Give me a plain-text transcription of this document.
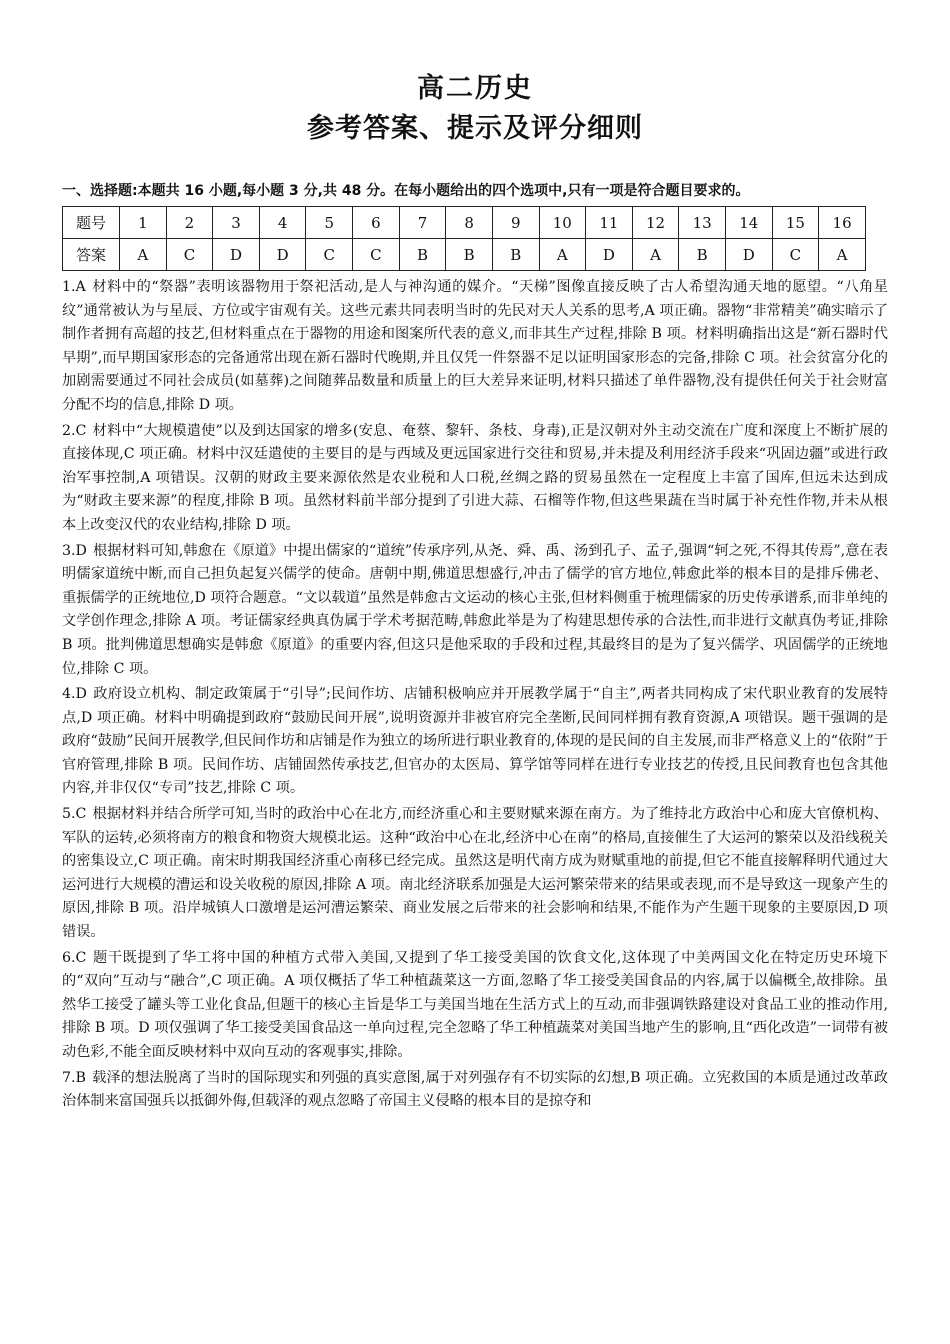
高二历史
参考答案、提示及评分细则
一、选择题:本题共 16 小题,每小题 3 分,共 48 分。在每小题给出的四个选项中,只有一项是符合题目要求的。
题号	1	2	3	4	5	6	7	8	9	10	11	12	13	14	15	16
答案	A	C	D	D	C	C	B	B	B	A	D	A	B	D	C	A

1.A 材料中的“祭器”表明该器物用于祭祀活动,是人与神沟通的媒介。“天梯”图像直接反映了古人希望沟通天地的愿望。“八角星纹”通常被认为与星辰、方位或宇宙观有关。这些元素共同表明当时的先民对天人关系的思考,A 项正确。器物“非常精美”确实暗示了制作者拥有高超的技艺,但材料重点在于器物的用途和图案所代表的意义,而非其生产过程,排除 B 项。材料明确指出这是“新石器时代早期”,而早期国家形态的完备通常出现在新石器时代晚期,并且仅凭一件祭器不足以证明国家形态的完备,排除 C 项。社会贫富分化的加剧需要通过不同社会成员(如墓葬)之间随葬品数量和质量上的巨大差异来证明,材料只描述了单件器物,没有提供任何关于社会财富分配不均的信息,排除 D 项。

2.C 材料中“大规模遣使”以及到达国家的增多(安息、奄蔡、黎轩、条枝、身毒),正是汉朝对外主动交流在广度和深度上不断扩展的直接体现,C 项正确。材料中汉廷遣使的主要目的是与西域及更远国家进行交往和贸易,并未提及利用经济手段来“巩固边疆”或进行政治军事控制,A 项错误。汉朝的财政主要来源依然是农业税和人口税,丝绸之路的贸易虽然在一定程度上丰富了国库,但远未达到成为“财政主要来源”的程度,排除 B 项。虽然材料前半部分提到了引进大蒜、石榴等作物,但这些果蔬在当时属于补充性作物,并未从根本上改变汉代的农业结构,排除 D 项。

3.D 根据材料可知,韩愈在《原道》中提出儒家的“道统”传承序列,从尧、舜、禹、汤到孔子、孟子,强调“轲之死,不得其传焉”,意在表明儒家道统中断,而自己担负起复兴儒学的使命。唐朝中期,佛道思想盛行,冲击了儒学的官方地位,韩愈此举的根本目的是排斥佛老、重振儒学的正统地位,D 项符合题意。“文以载道”虽然是韩愈古文运动的核心主张,但材料侧重于梳理儒家的历史传承谱系,而非单纯的文学创作理念,排除 A 项。考证儒家经典真伪属于学术考据范畴,韩愈此举是为了构建思想传承的合法性,而非进行文献真伪考证,排除 B 项。批判佛道思想确实是韩愈《原道》的重要内容,但这只是他采取的手段和过程,其最终目的是为了复兴儒学、巩固儒学的正统地位,排除 C 项。

4.D 政府设立机构、制定政策属于“引导”;民间作坊、店铺积极响应并开展教学属于“自主”,两者共同构成了宋代职业教育的发展特点,D 项正确。材料中明确提到政府“鼓励民间开展”,说明资源并非被官府完全垄断,民间同样拥有教育资源,A 项错误。题干强调的是政府“鼓励”民间开展教学,但民间作坊和店铺是作为独立的场所进行职业教育的,体现的是民间的自主发展,而非严格意义上的“依附”于官府管理,排除 B 项。民间作坊、店铺固然传承技艺,但官办的太医局、算学馆等同样在进行专业技艺的传授,且民间教育也包含其他内容,并非仅仅“专司”技艺,排除 C 项。

5.C 根据材料并结合所学可知,当时的政治中心在北方,而经济重心和主要财赋来源在南方。为了维持北方政治中心和庞大官僚机构、军队的运转,必须将南方的粮食和物资大规模北运。这种“政治中心在北,经济中心在南”的格局,直接催生了大运河的繁荣以及沿线税关的密集设立,C 项正确。南宋时期我国经济重心南移已经完成。虽然这是明代南方成为财赋重地的前提,但它不能直接解释明代通过大运河进行大规模的漕运和设关收税的原因,排除 A 项。南北经济联系加强是大运河繁荣带来的结果或表现,而不是导致这一现象产生的原因,排除 B 项。沿岸城镇人口激增是运河漕运繁荣、商业发展之后带来的社会影响和结果,不能作为产生题干现象的主要原因,D 项错误。

6.C 题干既提到了华工将中国的种植方式带入美国,又提到了华工接受美国的饮食文化,这体现了中美两国文化在特定历史环境下的“双向”互动与“融合”,C 项正确。A 项仅概括了华工种植蔬菜这一方面,忽略了华工接受美国食品的内容,属于以偏概全,故排除。虽然华工接受了罐头等工业化食品,但题干的核心主旨是华工与美国当地在生活方式上的互动,而非强调铁路建设对食品工业的推动作用,排除 B 项。D 项仅强调了华工接受美国食品这一单向过程,完全忽略了华工种植蔬菜对美国当地产生的影响,且“西化改造”一词带有被动色彩,不能全面反映材料中双向互动的客观事实,排除。

7.B 载泽的想法脱离了当时的国际现实和列强的真实意图,属于对列强存有不切实际的幻想,B 项正确。立宪救国的本质是通过改革政治体制来富国强兵以抵御外侮,但载泽的观点忽略了帝国主义侵略的根本目的是掠夺和
